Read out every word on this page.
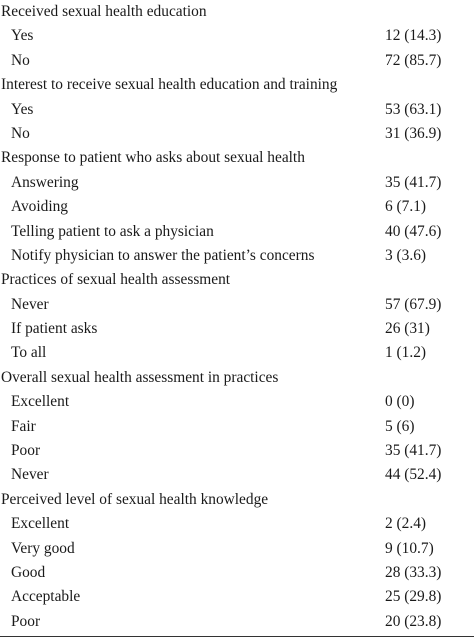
Received sexual health education
Yes	12 (14.3)
No	72 (85.7)
Interest to receive sexual health education and training
Yes	53 (63.1)
No	31 (36.9)
Response to patient who asks about sexual health
Answering	35 (41.7)
Avoiding	6 (7.1)
Telling patient to ask a physician	40 (47.6)
Notify physician to answer the patient’s concerns	3 (3.6)
Practices of sexual health assessment
Never	57 (67.9)
If patient asks	26 (31)
To all	1 (1.2)
Overall sexual health assessment in practices
Excellent	0 (0)
Fair	5 (6)
Poor	35 (41.7)
Never	44 (52.4)
Perceived level of sexual health knowledge
Excellent	2 (2.4)
Very good	9 (10.7)
Good	28 (33.3)
Acceptable	25 (29.8)
Poor	20 (23.8)
